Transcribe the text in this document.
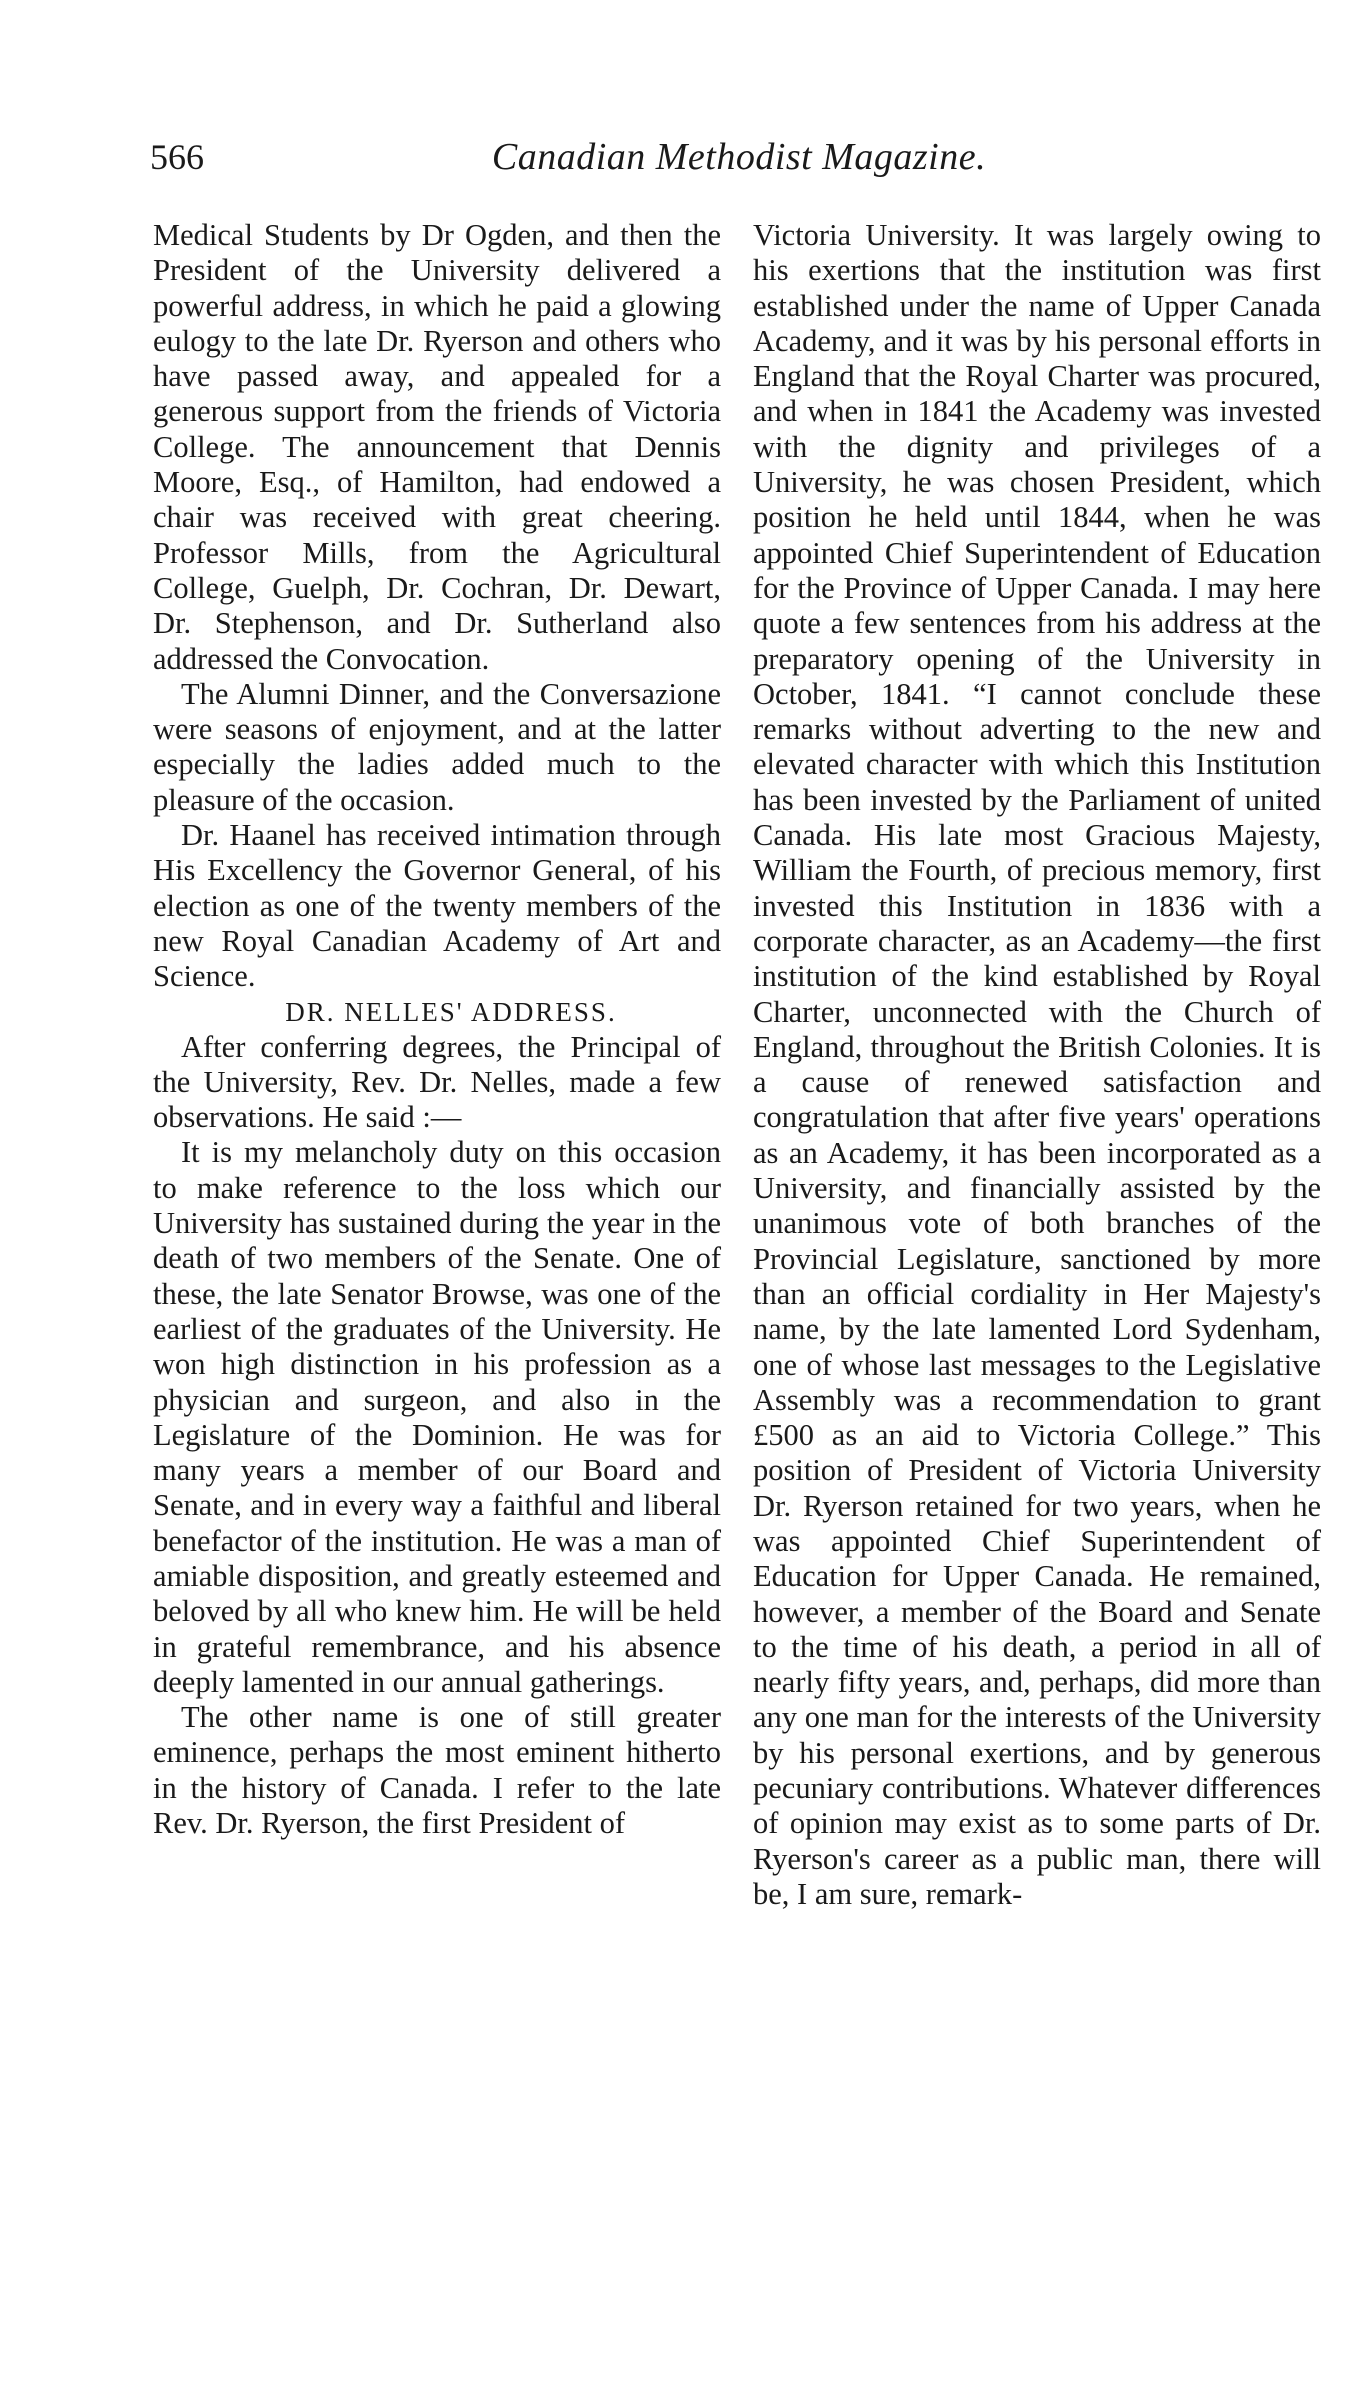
566	Canadian Methodist Magazine.

Medical Students by Dr Ogden, and then the President of the University delivered a powerful address, in which he paid a glowing eulogy to the late Dr. Ryerson and others who have passed away, and appealed for a generous support from the friends of Victoria College. The announcement that Dennis Moore, Esq., of Hamilton, had endowed a chair was received with great cheering. Professor Mills, from the Agricultural College, Guelph, Dr. Cochran, Dr. Dewart, Dr. Stephenson, and Dr. Sutherland also addressed the Convocation.

The Alumni Dinner, and the Conversazione were seasons of enjoyment, and at the latter especially the ladies added much to the pleasure of the occasion.

Dr. Haanel has received intimation through His Excellency the Governor General, of his election as one of the twenty members of the new Royal Canadian Academy of Art and Science.

DR. NELLES' ADDRESS.

After conferring degrees, the Principal of the University, Rev. Dr. Nelles, made a few observations. He said :—

It is my melancholy duty on this occasion to make reference to the loss which our University has sustained during the year in the death of two members of the Senate. One of these, the late Senator Browse, was one of the earliest of the graduates of the University. He won high distinction in his profession as a physician and surgeon, and also in the Legislature of the Dominion. He was for many years a member of our Board and Senate, and in every way a faithful and liberal benefactor of the institution. He was a man of amiable disposition, and greatly esteemed and beloved by all who knew him. He will be held in grateful remembrance, and his absence deeply lamented in our annual gatherings.

The other name is one of still greater eminence, perhaps the most eminent hitherto in the history of Canada. I refer to the late Rev. Dr. Ryerson, the first President of

Victoria University. It was largely owing to his exertions that the institution was first established under the name of Upper Canada Academy, and it was by his personal efforts in England that the Royal Charter was procured, and when in 1841 the Academy was invested with the dignity and privileges of a University, he was chosen President, which position he held until 1844, when he was appointed Chief Superintendent of Education for the Province of Upper Canada. I may here quote a few sentences from his address at the preparatory opening of the University in October, 1841. “I cannot conclude these remarks without adverting to the new and elevated character with which this Institution has been invested by the Parliament of united Canada. His late most Gracious Majesty, William the Fourth, of precious memory, first invested this Institution in 1836 with a corporate character, as an Academy—the first institution of the kind established by Royal Charter, unconnected with the Church of England, throughout the British Colonies. It is a cause of renewed satisfaction and congratulation that after five years' operations as an Academy, it has been incorporated as a University, and financially assisted by the unanimous vote of both branches of the Provincial Legislature, sanctioned by more than an official cordiality in Her Majesty's name, by the late lamented Lord Sydenham, one of whose last messages to the Legislative Assembly was a recommendation to grant £500 as an aid to Victoria College.” This position of President of Victoria University Dr. Ryerson retained for two years, when he was appointed Chief Superintendent of Education for Upper Canada. He remained, however, a member of the Board and Senate to the time of his death, a period in all of nearly fifty years, and, perhaps, did more than any one man for the interests of the University by his personal exertions, and by generous pecuniary contributions. Whatever differences of opinion may exist as to some parts of Dr. Ryerson's career as a public man, there will be, I am sure, remark-
